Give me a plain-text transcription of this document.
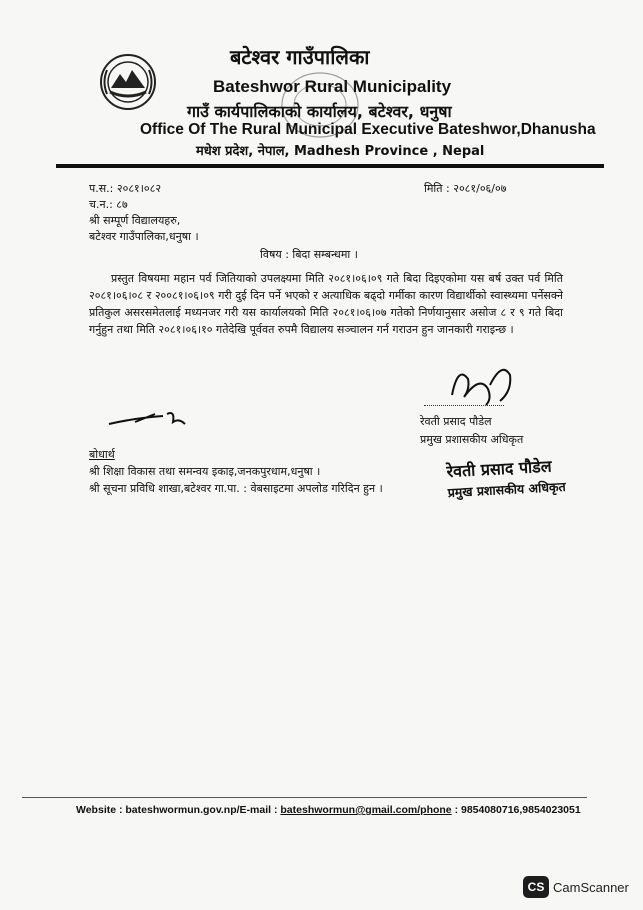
बटेश्वर गाउँपालिका
Bateshwor Rural Municipality
गाउँ कार्यपालिकाको कार्यालय, बटेश्वर, धनुषा
Office Of The Rural Municipal Executive Bateshwor,Dhanusha
मधेश प्रदेश, नेपाल, Madhesh Province , Nepal
प.स.: २०८१।०८२
च.न.: ८७
मिति : २०८१/०६/०७
श्री सम्पूर्ण विद्यालयहरु,
बटेश्वर गाउँपालिका,धनुषा ।
विषय : बिदा सम्बन्धमा ।
प्रस्तुत विषयमा महान पर्व जितियाको उपलक्ष्यमा मिति २०८१।०६।०९ गते बिदा दिइएकोमा यस बर्ष उक्त पर्व मिति २०८१।०६।०८ र २००८१।०६।०९ गरी दुई दिन पर्ने भएको र अत्याधिक बढ्दो गर्मीका कारण विद्यार्थीको स्वास्थ्यमा पर्नेसक्ने प्रतिकुल असरसमेतलाई मध्यनजर गरी यस कार्यालयको मिति २०८१।०६।०७ गतेको निर्णयानुसार असोज ८ र ९ गते बिदा गर्नुहुन तथा मिति २०८१।०६।१० गतेदेखि पूर्ववत रुपमै विद्यालय सञ्चालन गर्न गराउन हुन जानकारी गराइन्छ ।
रेवती प्रसाद पौडेल
प्रमुख प्रशासकीय अधिकृत
बोधार्थ
श्री शिक्षा विकास तथा समन्वय इकाइ,जनकपुरधाम,धनुषा ।
श्री सूचना प्रविधि शाखा,बटेश्वर गा.पा. : वेबसाइटमा अपलोड गरिदिन हुन ।
रेवती प्रसाद पौडेल
प्रमुख प्रशासकीय अधिकृत
Website : bateshwormun.gov.np/E-mail : bateshwormun@gmail.com/phone : 9854080716,9854023051
CS CamScanner
